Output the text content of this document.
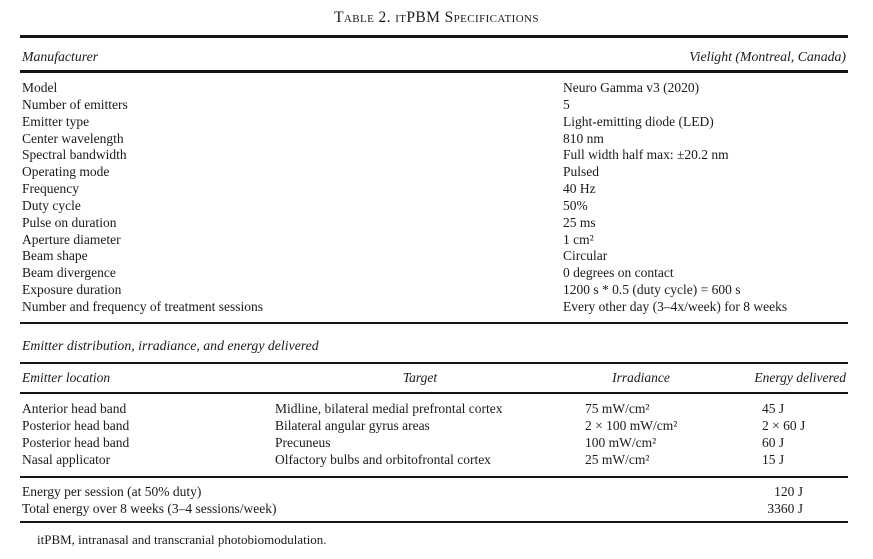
Table 2. itPBM Specifications
Manufacturer	Vielight (Montreal, Canada)
Model	Neuro Gamma v3 (2020)
Number of emitters	5
Emitter type	Light-emitting diode (LED)
Center wavelength	810 nm
Spectral bandwidth	Full width half max: ±20.2 nm
Operating mode	Pulsed
Frequency	40 Hz
Duty cycle	50%
Pulse on duration	25 ms
Aperture diameter	1 cm²
Beam shape	Circular
Beam divergence	0 degrees on contact
Exposure duration	1200 s * 0.5 (duty cycle) = 600 s
Number and frequency of treatment sessions	Every other day (3–4x/week) for 8 weeks
Emitter distribution, irradiance, and energy delivered
Emitter location	Target	Irradiance	Energy delivered
Anterior head band	Midline, bilateral medial prefrontal cortex	75 mW/cm²	45 J
Posterior head band	Bilateral angular gyrus areas	2 × 100 mW/cm²	2 × 60 J
Posterior head band	Precuneus	100 mW/cm²	60 J
Nasal applicator	Olfactory bulbs and orbitofrontal cortex	25 mW/cm²	15 J
Energy per session (at 50% duty)	120 J
Total energy over 8 weeks (3–4 sessions/week)	3360 J
itPBM, intranasal and transcranial photobiomodulation.
